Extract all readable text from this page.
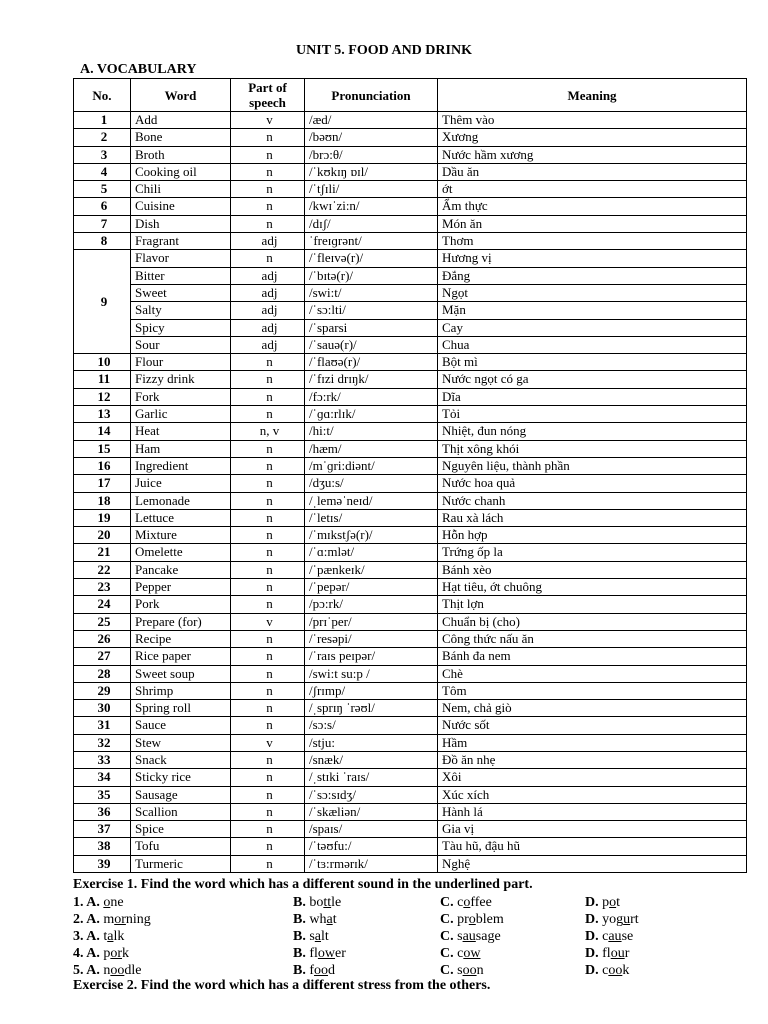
UNIT 5. FOOD AND DRINK
A. VOCABULARY
No.	Word	Part of speech	Pronunciation	Meaning
1	Add	v	/æd/	Thêm vào
2	Bone	n	/bəʊn/	Xương
3	Broth	n	/brɔ:θ/	Nước hầm xương
4	Cooking oil	n	/ˈkʊkɪŋ ɒɪl/	Dầu ăn
5	Chili	n	/ˈtʃɪli/	ớt
6	Cuisine	n	/kwɪˈzi:n/	Ẩm thực
7	Dish	n	/dɪʃ/	Món ăn
8	Fragrant	adj	ˈfreɪɡrənt/	Thơm
9	Flavor	n	/ˈfleɪvə(r)/	Hương vị
	Bitter	adj	/ˈbɪtə(r)/	Đắng
	Sweet	adj	/swi:t/	Ngọt
	Salty	adj	/ˈsɔ:lti/	Mặn
	Spicy	adj	/ˈsparsi	Cay
	Sour	adj	/ˈsauə(r)/	Chua
10	Flour	n	/ˈflaʊə(r)/	Bột mì
11	Fizzy drink	n	/ˈfɪzi drɪŋk/	Nước ngọt có ga
12	Fork	n	/fɔ:rk/	Dĩa
13	Garlic	n	/ˈɡɑ:rlɪk/	Tỏi
14	Heat	n, v	/hi:t/	Nhiệt, đun nóng
15	Ham	n	/hæm/	Thịt xông khói
16	Ingredient	n	/mˈɡri:diənt/	Nguyên liệu, thành phần
17	Juice	n	/dʒu:s/	Nước hoa quả
18	Lemonade	n	/ˌleməˈneɪd/	Nước chanh
19	Lettuce	n	/ˈletɪs/	Rau xà lách
20	Mixture	n	/ˈmɪkstʃə(r)/	Hỗn hợp
21	Omelette	n	/ˈɑ:mlət/	Trứng ốp la
22	Pancake	n	/ˈpænkeɪk/	Bánh xèo
23	Pepper	n	/ˈpepər/	Hạt tiêu, ớt chuông
24	Pork	n	/pɔ:rk/	Thịt lợn
25	Prepare (for)	v	/prɪˈper/	Chuẩn bị (cho)
26	Recipe	n	/ˈresəpi/	Công thức nấu ăn
27	Rice paper	n	/ˈraɪs peɪpər/	Bánh đa nem
28	Sweet soup	n	/swi:t su:p /	Chè
29	Shrimp	n	/ʃrɪmp/	Tôm
30	Spring roll	n	/ˌsprɪŋ ˈrəʊl/	Nem, chả giò
31	Sauce	n	/sɔ:s/	Nước sốt
32	Stew	v	/stju:	Hầm
33	Snack	n	/snæk/	Đồ ăn nhẹ
34	Sticky rice	n	/ˌstɪki ˈraɪs/	Xôi
35	Sausage	n	/ˈsɔ:sɪdʒ/	Xúc xích
36	Scallion	n	/ˈskæliən/	Hành lá
37	Spice	n	/spaɪs/	Gia vị
38	Tofu	n	/ˈtəʊfu:/	Tàu hũ, đậu hũ
39	Turmeric	n	/ˈtɜ:rmərɪk/	Nghệ
Exercise 1. Find the word which has a different sound in the underlined part.
1. A. one	B. bottle	C. coffee	D. pot
2. A. morning	B. what	C. problem	D. yogurt
3. A. talk	B. salt	C. sausage	D. cause
4. A. pork	B. flower	C. cow	D. flour
5. A. noodle	B. food	C. soon	D. cook
Exercise 2. Find the word which has a different stress from the others.
